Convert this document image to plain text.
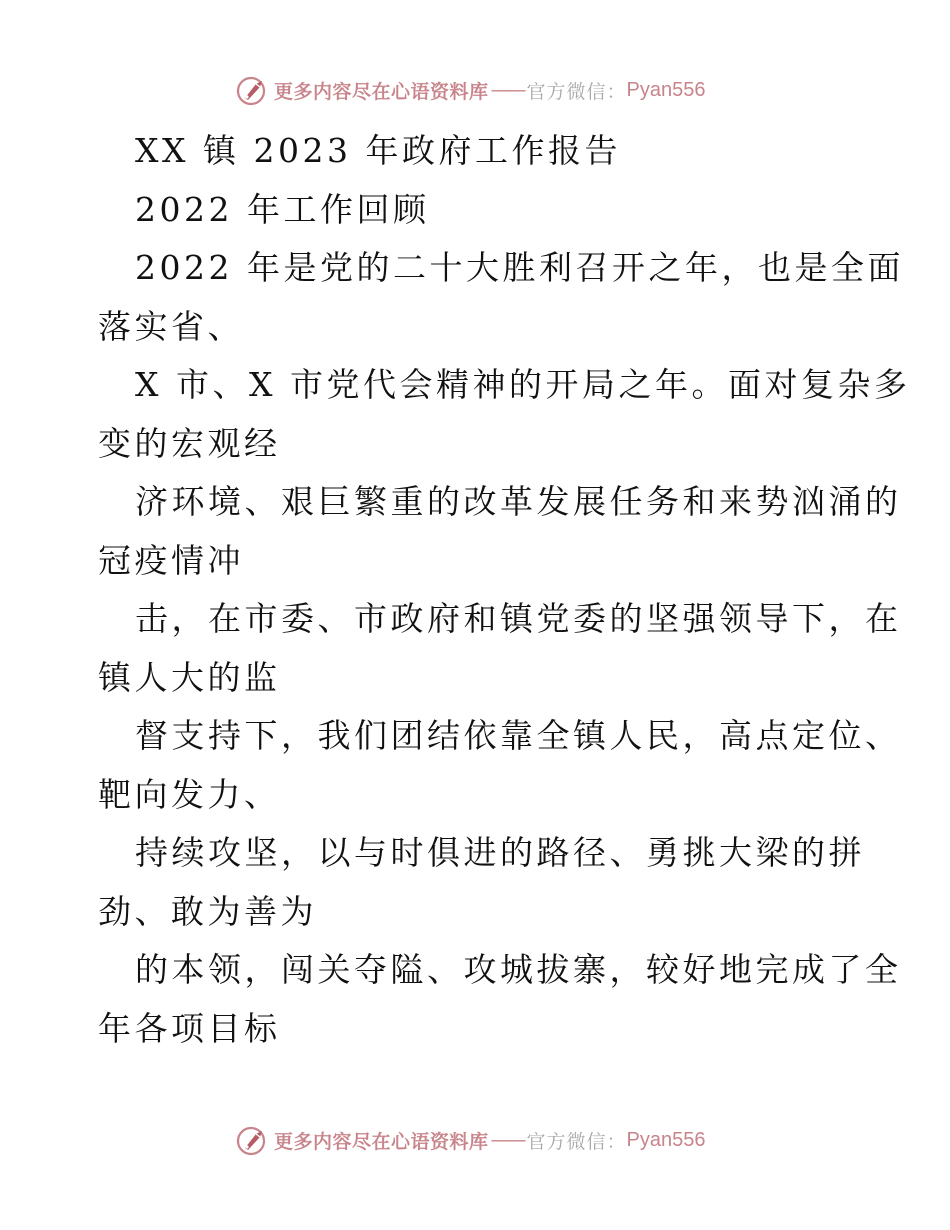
更多内容尽在心语资料库 —— 官方微信： Pyan556
XX 镇 2023 年政府工作报告
2022 年工作回顾
2022 年是党的二十大胜利召开之年，也是全面
落实省、
X 市、X 市党代会精神的开局之年。面对复杂多
变的宏观经
济环境、艰巨繁重的改革发展任务和来势汹涌的
冠疫情冲
击，在市委、市政府和镇党委的坚强领导下，在
镇人大的监
督支持下，我们团结依靠全镇人民，高点定位、
靶向发力、
持续攻坚，以与时俱进的路径、勇挑大梁的拼
劲、敢为善为
的本领，闯关夺隘、攻城拔寨，较好地完成了全
年各项目标
更多内容尽在心语资料库 —— 官方微信： Pyan556
